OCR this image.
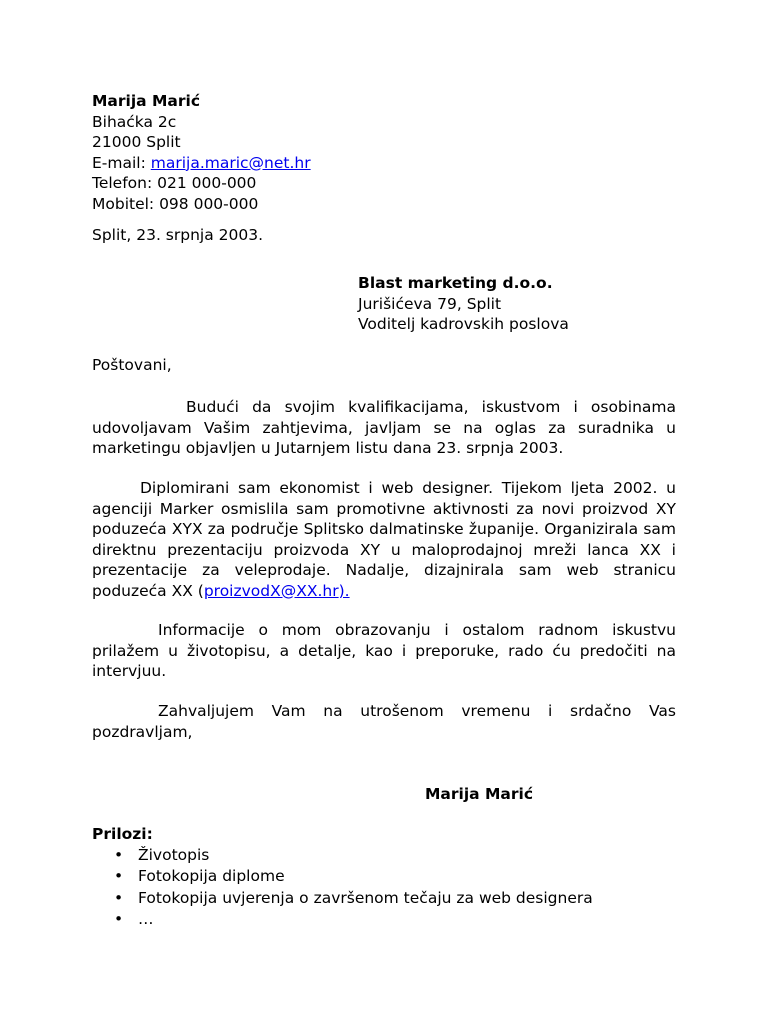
Marija Marić
Bihaćka 2c
21000 Split
E-mail: marija.maric@net.hr
Telefon: 021 000-000
Mobitel: 098 000-000
Split, 23. srpnja 2003.
Blast marketing d.o.o.
Jurišićeva 79, Split
Voditelj kadrovskih poslova
Poštovani,
Budući da svojim kvalifikacijama, iskustvom i osobinama udovoljavam Vašim zahtjevima, javljam se na oglas za suradnika u marketingu objavljen u Jutarnjem listu dana 23. srpnja 2003.
Diplomirani sam ekonomist i web designer. Tijekom ljeta 2002. u agenciji Marker osmislila sam promotivne aktivnosti za novi proizvod XY poduzeća XYX za područje Splitsko dalmatinske županije. Organizirala sam direktnu prezentaciju proizvoda XY u maloprodajnoj mreži lanca XX i prezentacije za veleprodaje. Nadalje, dizajnirala sam web stranicu poduzeća XX (proizvodX@XX.hr).
Informacije o mom obrazovanju i ostalom radnom iskustvu prilažem u životopisu, a detalje, kao i preporuke, rado ću predočiti na intervjuu.
Zahvaljujem Vam na utrošenom vremenu i srdačno Vas pozdravljam,
Marija Marić
Prilozi:
• Životopis
• Fotokopija diplome
• Fotokopija uvjerenja o završenom tečaju za web designera
• …
